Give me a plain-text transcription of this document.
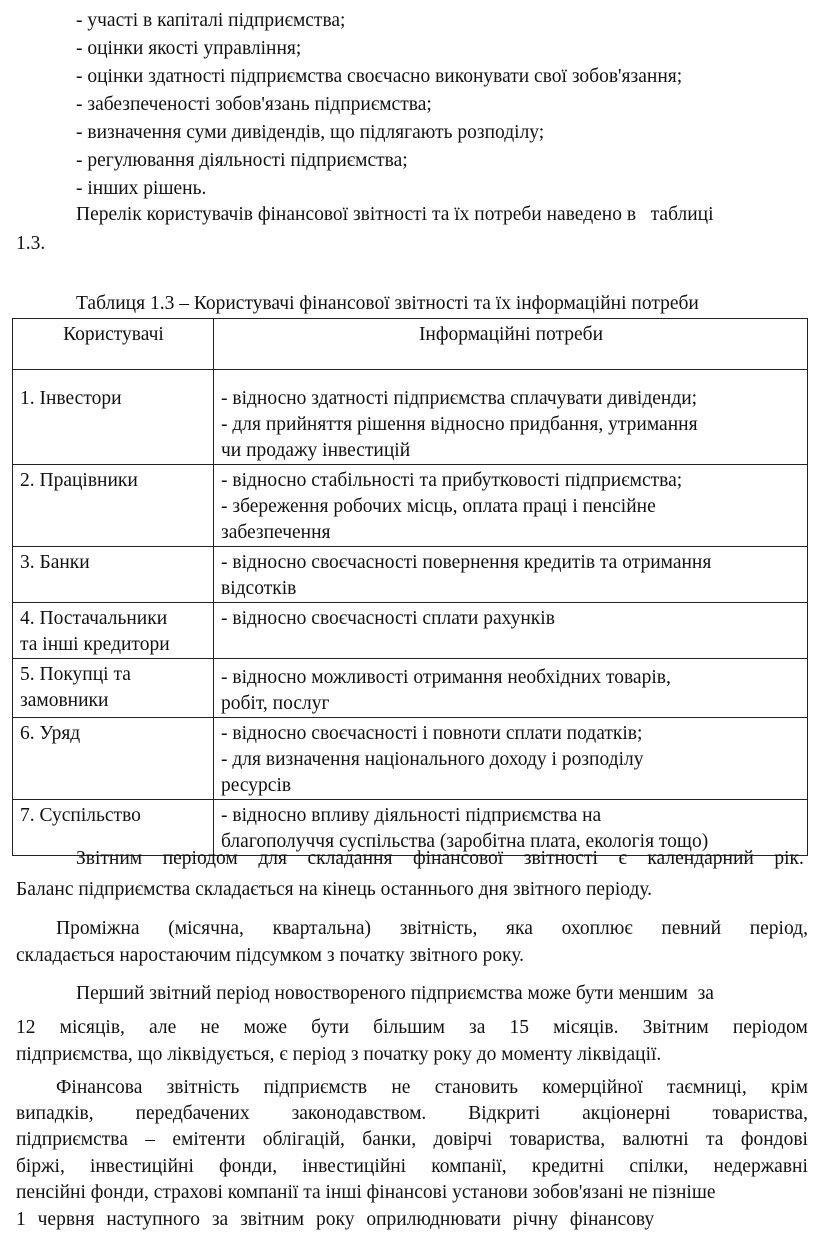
- участі в капіталі підприємства;
- оцінки якості управління;
- оцінки здатності підприємства своєчасно виконувати свої зобов'язання;
- забезпеченості зобов'язань підприємства;
- визначення суми дивідендів, що підлягають розподілу;
- регулювання діяльності підприємства;
- інших рішень.
Перелік користувачів фінансової звітності та їх потреби наведено в   таблиці
1.3.
Таблиця 1.3 – Користувачі фінансової звітності та їх інформаційні потреби
Користувачі	Інформаційні потреби

1. Інвестори	- відносно здатності підприємства сплачувати дивіденди;
- для прийняття рішення відносно придбання, утримання
чи продажу інвестицій

2. Працівники	- відносно стабільності та прибутковості підприємства;
- збереження робочих місць, оплата праці і пенсійне
забезпечення

3. Банки	- відносно своєчасності повернення кредитів та отримання
відсотків

4. Постачальники
та інші кредитори	- відносно своєчасності сплати рахунків

5. Покупці та
замовники	- відносно можливості отримання необхідних товарів,
робіт, послуг

6. Уряд	- відносно своєчасності і повноти сплати податків;
- для визначення національного доходу і розподілу
ресурсів

7. Суспільство	- відносно впливу діяльності підприємства на
благополуччя суспільства (заробітна плата, екологія тощо)
Звітним періодом для складання фінансової звітності є календарний рік.
Баланс підприємства складається на кінець останнього дня звітного періоду.
Проміжна (місячна, квартальна) звітність, яка охоплює певний період,
складається наростаючим підсумком з початку звітного року.
Перший звітний період новоствореного підприємства може бути меншим  за
12 місяців, але не може бути більшим за 15 місяців. Звітним періодом
підприємства, що ліквідується, є період з початку року до моменту ліквідації.
Фінансова звітність підприємств не становить комерційної таємниці, крім
випадків, передбачених законодавством. Відкриті акціонерні товариства,
підприємства – емітенти облігацій, банки, довірчі товариства, валютні та фондові
біржі, інвестиційні фонди, інвестиційні компанії, кредитні спілки, недержавні
пенсійні фонди, страхові компанії та інші фінансові установи зобов'язані не пізніше
1 червня наступного за звітним року оприлюднювати річну фінансову
